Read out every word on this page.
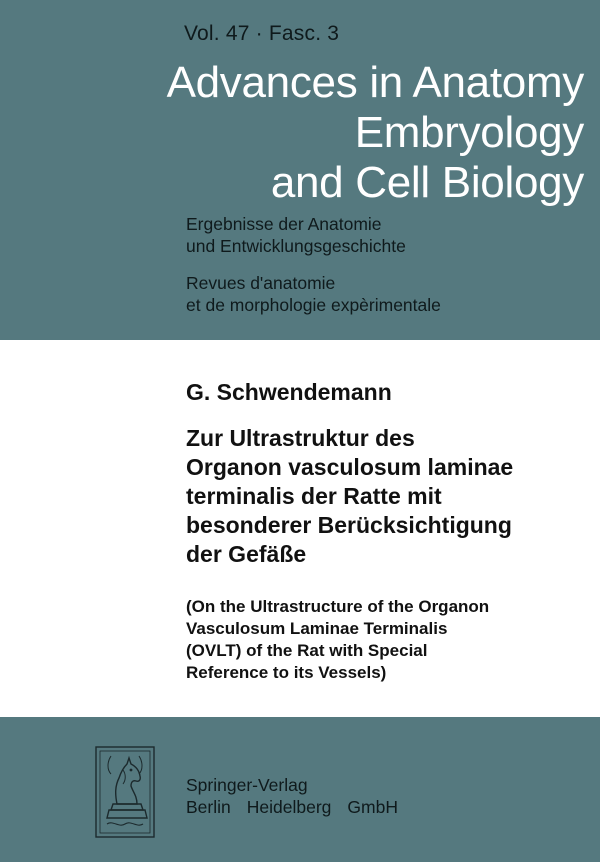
Vol. 47 · Fasc. 3
Advances in Anatomy
Embryology
and Cell Biology
Ergebnisse der Anatomie
und Entwicklungsgeschichte
Revues d'anatomie
et de morphologie expèrimentale
G. Schwendemann
Zur Ultrastruktur des
Organon vasculosum laminae
terminalis der Ratte mit
besonderer Berücksichtigung
der Gefäße
(On the Ultrastructure of the Organon
Vasculosum Laminae Terminalis
(OVLT) of the Rat with Special
Reference to its Vessels)
Springer-Verlag
Berlin Heidelberg GmbH
